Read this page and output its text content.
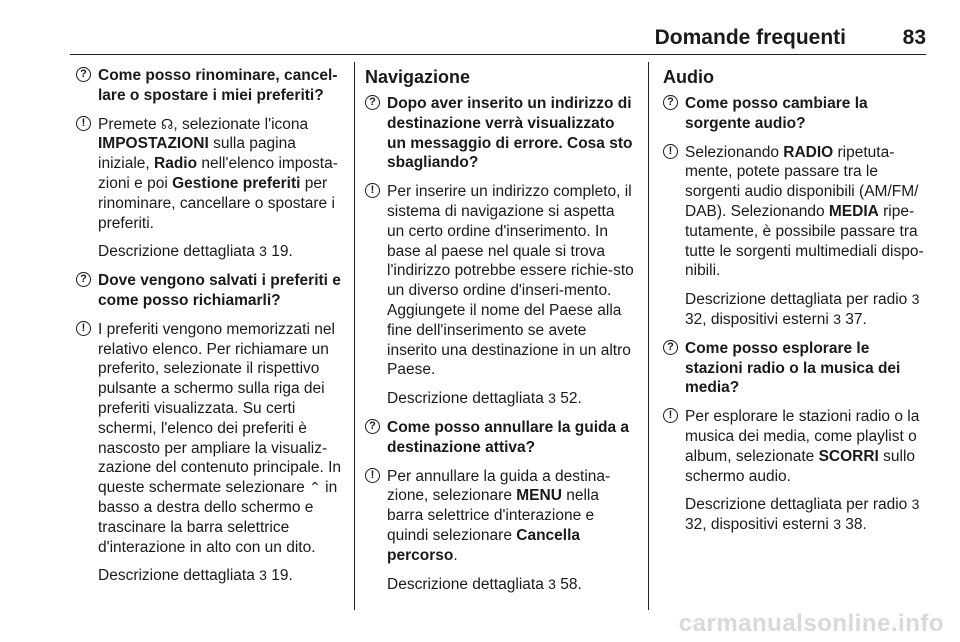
Domande frequenti	83
? Come posso rinominare, cancel-lare o spostare i miei preferiti?
! Premete ☊, selezionate l'icona IMPOSTAZIONI sulla pagina iniziale, Radio nell'elenco imposta-zioni e poi Gestione preferiti per rinominare, cancellare o spostare i preferiti.
Descrizione dettagliata 3 19.
? Dove vengono salvati i preferiti e come posso richiamarli?
! I preferiti vengono memorizzati nel relativo elenco. Per richiamare un preferito, selezionate il rispettivo pulsante a schermo sulla riga dei preferiti visualizzata. Su certi schermi, l'elenco dei preferiti è nascosto per ampliare la visualiz-zazione del contenuto principale. In queste schermate selezionare ⌃ in basso a destra dello schermo e trascinare la barra selettrice d'interazione in alto con un dito.
Descrizione dettagliata 3 19.
Navigazione
? Dopo aver inserito un indirizzo di destinazione verrà visualizzato un messaggio di errore. Cosa sto sbagliando?
! Per inserire un indirizzo completo, il sistema di navigazione si aspetta un certo ordine d'inserimento. In base al paese nel quale si trova l'indirizzo potrebbe essere richie-sto un diverso ordine d'inseri-mento. Aggiungete il nome del Paese alla fine dell'inserimento se avete inserito una destinazione in un altro Paese.
Descrizione dettagliata 3 52.
? Come posso annullare la guida a destinazione attiva?
! Per annullare la guida a destina-zione, selezionare MENU nella barra selettrice d'interazione e quindi selezionare Cancella percorso.
Descrizione dettagliata 3 58.
Audio
? Come posso cambiare la sorgente audio?
! Selezionando RADIO ripetuta-mente, potete passare tra le sorgenti audio disponibili (AM/FM/ DAB). Selezionando MEDIA ripe-tutamente, è possibile passare tra tutte le sorgenti multimediali dispo-nibili.
Descrizione dettagliata per radio 3 32, dispositivi esterni 3 37.
? Come posso esplorare le stazioni radio o la musica dei media?
! Per esplorare le stazioni radio o la musica dei media, come playlist o album, selezionate SCORRI sullo schermo audio.
Descrizione dettagliata per radio 3 32, dispositivi esterni 3 38.
carmanualsonline.info
